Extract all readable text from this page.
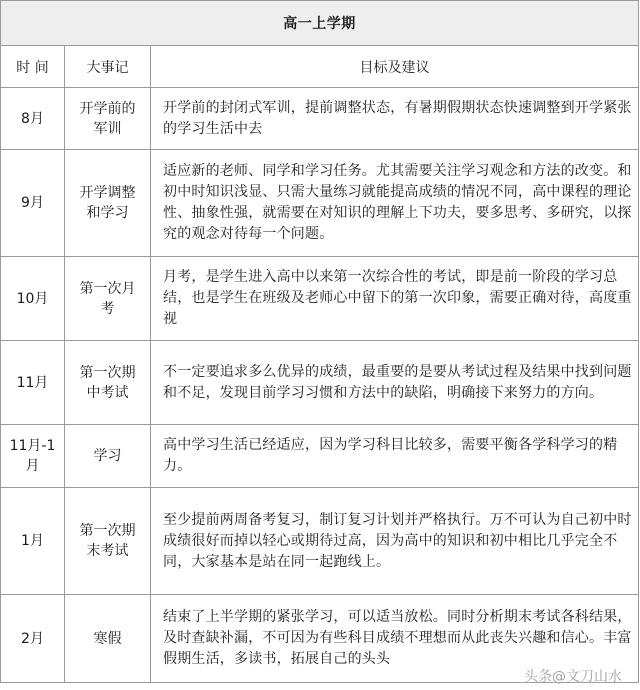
高一上学期		
时 间	大事记	目标及建议
8月	开学前的军训	开学前的封闭式军训，提前调整状态，有暑期假期状态快速调整到开学紧张的学习生活中去
9月	开学调整和学习	适应新的老师、同学和学习任务。尤其需要关注学习观念和方法的改变。和初中时知识浅显、只需大量练习就能提高成绩的情况不同，高中课程的理论性、抽象性强，就需要在对知识的理解上下功夫，要多思考、多研究，以探究的观念对待每一个问题。
10月	第一次月考	月考，是学生进入高中以来第一次综合性的考试，即是前一阶段的学习总结，也是学生在班级及老师心中留下的第一次印象，需要正确对待，高度重视
11月	第一次期中考试	不一定要追求多么优异的成绩，最重要的是要从考试过程及结果中找到问题和不足，发现目前学习习惯和方法中的缺陷，明确接下来努力的方向。
11月-1月	学习	高中学习生活已经适应，因为学习科目比较多，需要平衡各学科学习的精力。
1月	第一次期末考试	至少提前两周备考复习，制订复习计划并严格执行。万不可认为自己初中时成绩很好而掉以轻心或期待过高，因为高中的知识和初中相比几乎完全不同，大家基本是站在同一起跑线上。
2月	寒假	结束了上半学期的紧张学习，可以适当放松。同时分析期末考试各科结果，及时查缺补漏，不可因为有些科目成绩不理想而从此丧失兴趣和信心。丰富假期生活，多读书，拓展自己的头头
头条@文刀山水
